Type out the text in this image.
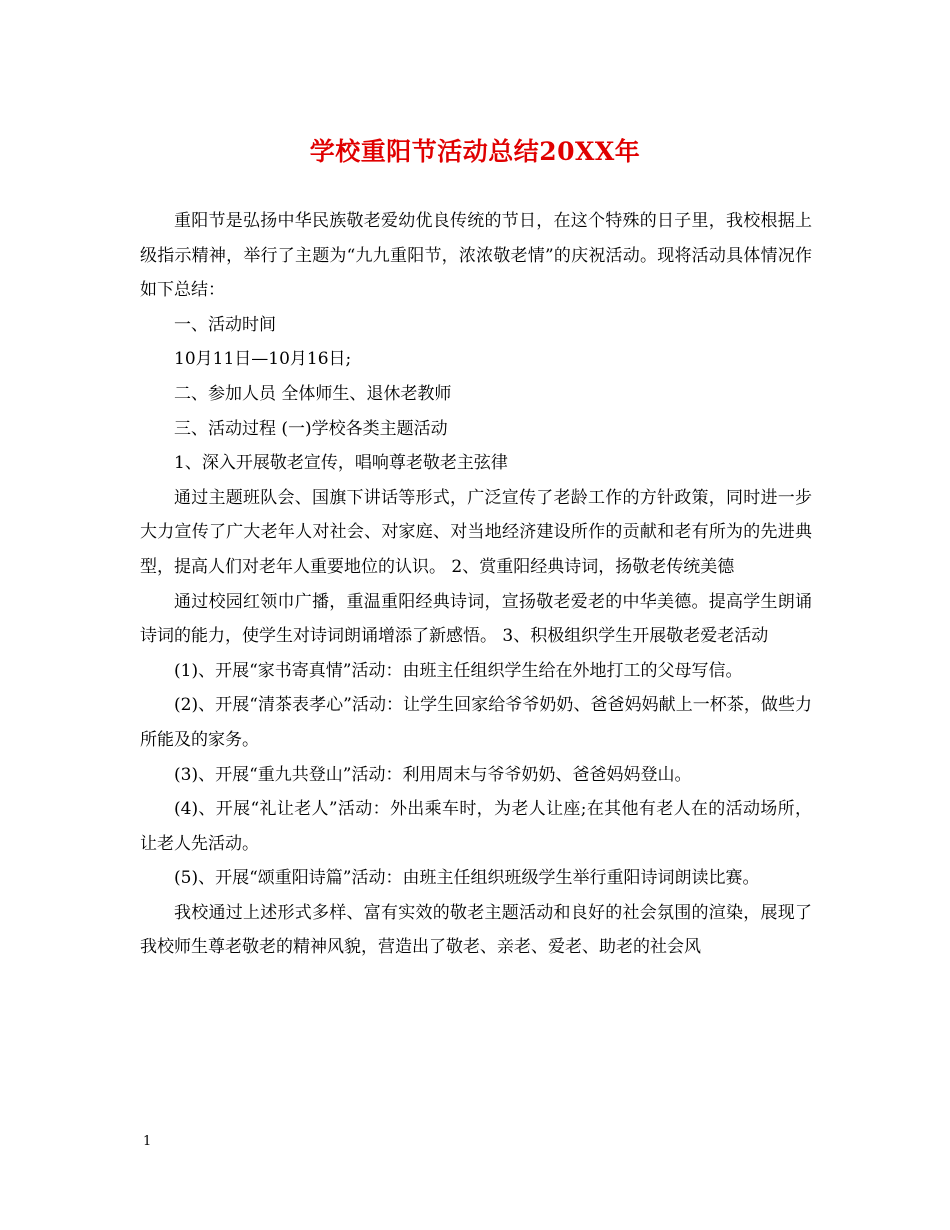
学校重阳节活动总结20XX年

重阳节是弘扬中华民族敬老爱幼优良传统的节日，在这个特殊的日子里，我校根据上级指示精神，举行了主题为“九九重阳节，浓浓敬老情”的庆祝活动。现将活动具体情况作如下总结：

一、活动时间

10月11日—10月16日;

二、参加人员 全体师生、退休老教师

三、活动过程 (一)学校各类主题活动

1、深入开展敬老宣传，唱响尊老敬老主弦律

通过主题班队会、国旗下讲话等形式，广泛宣传了老龄工作的方针政策，同时进一步大力宣传了广大老年人对社会、对家庭、对当地经济建设所作的贡献和老有所为的先进典型，提高人们对老年人重要地位的认识。 2、赏重阳经典诗词，扬敬老传统美德

通过校园红领巾广播，重温重阳经典诗词，宣扬敬老爱老的中华美德。提高学生朗诵诗词的能力，使学生对诗词朗诵增添了新感悟。 3、积极组织学生开展敬老爱老活动

(1)、开展“家书寄真情”活动：由班主任组织学生给在外地打工的父母写信。

(2)、开展“清茶表孝心”活动：让学生回家给爷爷奶奶、爸爸妈妈献上一杯茶，做些力所能及的家务。

(3)、开展“重九共登山”活动：利用周末与爷爷奶奶、爸爸妈妈登山。

(4)、开展“礼让老人”活动：外出乘车时，为老人让座;在其他有老人在的活动场所，让老人先活动。

(5)、开展“颂重阳诗篇”活动：由班主任组织班级学生举行重阳诗词朗读比赛。

我校通过上述形式多样、富有实效的敬老主题活动和良好的社会氛围的渲染，展现了我校师生尊老敬老的精神风貌，营造出了敬老、亲老、爱老、助老的社会风

1
